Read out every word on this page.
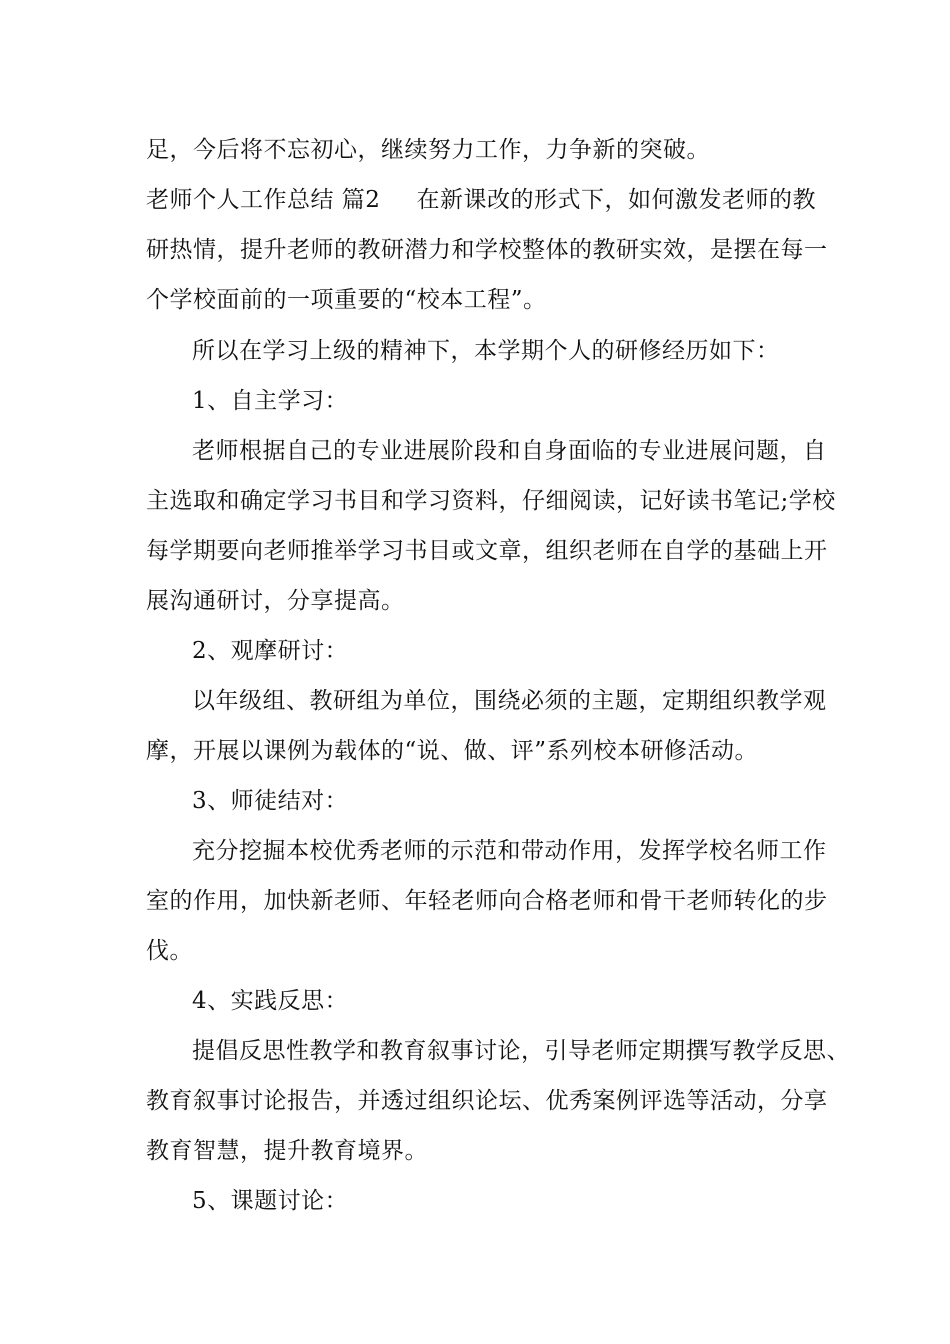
足，今后将不忘初心，继续努力工作，力争新的突破。
老师个人工作总结 篇2 在新课改的形式下，如何激发老师的教
研热情，提升老师的教研潜力和学校整体的教研实效，是摆在每一
个学校面前的一项重要的“校本工程”。
所以在学习上级的精神下，本学期个人的研修经历如下：
1、自主学习：
老师根据自己的专业进展阶段和自身面临的专业进展问题，自
主选取和确定学习书目和学习资料，仔细阅读，记好读书笔记;学校
每学期要向老师推举学习书目或文章，组织老师在自学的基础上开
展沟通研讨，分享提高。
2、观摩研讨：
以年级组、教研组为单位，围绕必须的主题，定期组织教学观
摩，开展以课例为载体的“说、做、评”系列校本研修活动。
3、师徒结对：
充分挖掘本校优秀老师的示范和带动作用，发挥学校名师工作
室的作用，加快新老师、年轻老师向合格老师和骨干老师转化的步
伐。
4、实践反思：
提倡反思性教学和教育叙事讨论，引导老师定期撰写教学反思、
教育叙事讨论报告，并透过组织论坛、优秀案例评选等活动，分享
教育智慧，提升教育境界。
5、课题讨论：
